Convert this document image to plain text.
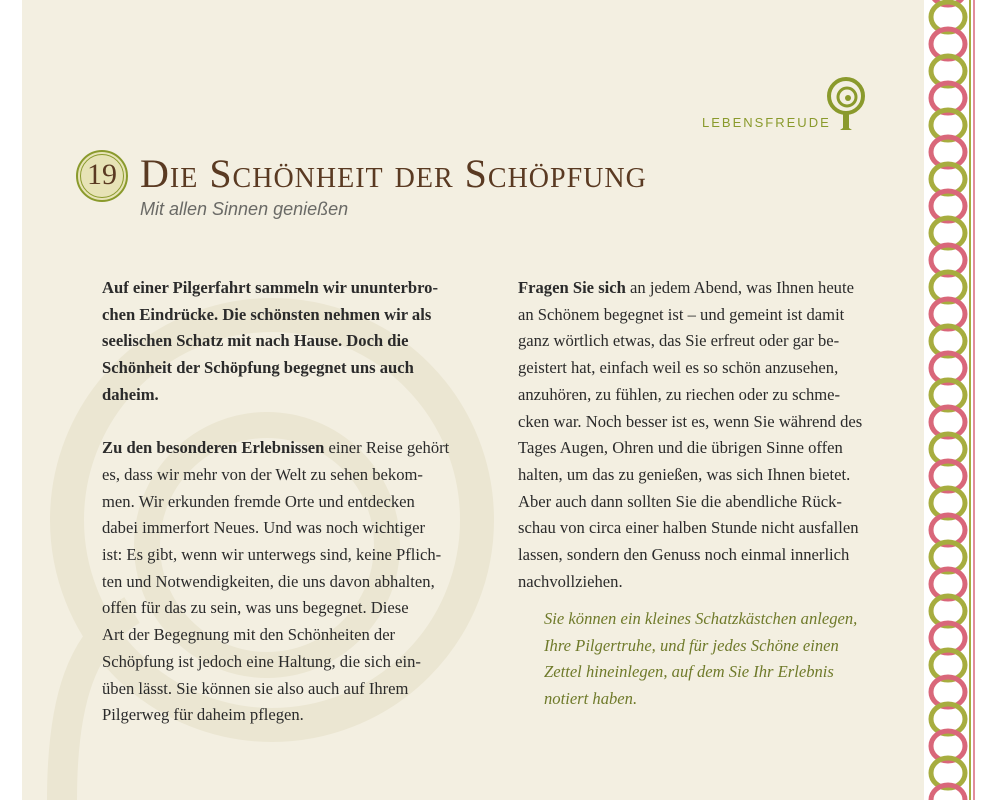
LEBENSFREUDE
19 Die Schönheit der Schöpfung

Mit allen Sinnen genießen

Auf einer Pilgerfahrt sammeln wir ununterbro-
chen Eindrücke. Die schönsten nehmen wir als
seelischen Schatz mit nach Hause. Doch die
Schönheit der Schöpfung begegnet uns auch
daheim.

Zu den besonderen Erlebnissen einer Reise gehört
es, dass wir mehr von der Welt zu sehen bekom-
men. Wir erkunden fremde Orte und entdecken
dabei immerfort Neues. Und was noch wichtiger
ist: Es gibt, wenn wir unterwegs sind, keine Pflich-
ten und Notwendigkeiten, die uns davon abhalten,
offen für das zu sein, was uns begegnet. Diese
Art der Begegnung mit den Schönheiten der
Schöpfung ist jedoch eine Haltung, die sich ein-
üben lässt. Sie können sie also auch auf Ihrem
Pilgerweg für daheim pflegen.

Fragen Sie sich an jedem Abend, was Ihnen heute
an Schönem begegnet ist – und gemeint ist damit
ganz wörtlich etwas, das Sie erfreut oder gar be-
geistert hat, einfach weil es so schön anzusehen,
anzuhören, zu fühlen, zu riechen oder zu schme-
cken war. Noch besser ist es, wenn Sie während des
Tages Augen, Ohren und die übrigen Sinne offen
halten, um das zu genießen, was sich Ihnen bietet.
Aber auch dann sollten Sie die abendliche Rück-
schau von circa einer halben Stunde nicht ausfallen
lassen, sondern den Genuss noch einmal innerlich
nachvollziehen.

Sie können ein kleines Schatzkästchen anlegen,
Ihre Pilgertruhe, und für jedes Schöne einen
Zettel hineinlegen, auf dem Sie Ihr Erlebnis
notiert haben.
